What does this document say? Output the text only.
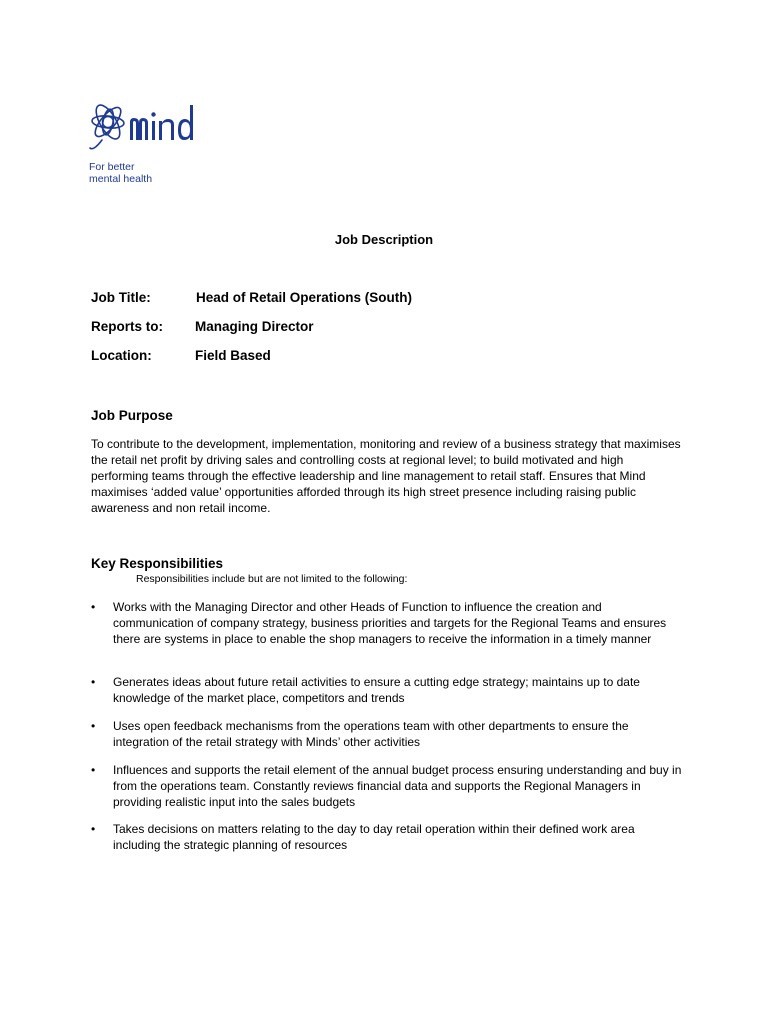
For better
mental health
Job Description
Job Title:	Head of Retail Operations (South)
Reports to: Managing Director
Location:	Field Based
Job Purpose
To contribute to the development, implementation, monitoring and review of a business strategy that maximises the retail net profit by driving sales and controlling costs at regional level; to build motivated and high performing teams through the effective leadership and line management to retail staff. Ensures that Mind maximises ‘added value’ opportunities afforded through its high street presence including raising public awareness and non retail income.
Key Responsibilities
Responsibilities include but are not limited to the following:
•	Works with the Managing Director and other Heads of Function to influence the creation and communication of company strategy, business priorities and targets for the Regional Teams and ensures there are systems in place to enable the shop managers to receive the information in a timely manner
•	Generates ideas about future retail activities to ensure a cutting edge strategy; maintains up to date knowledge of the market place, competitors and trends
•	Uses open feedback mechanisms from the operations team with other departments to ensure the integration of the retail strategy with Minds’ other activities
•	Influences and supports the retail element of the annual budget process ensuring understanding and buy in from the operations team. Constantly reviews financial data and supports the Regional Managers in providing realistic input into the sales budgets
•	Takes decisions on matters relating to the day to day retail operation within their defined work area including the strategic planning of resources
